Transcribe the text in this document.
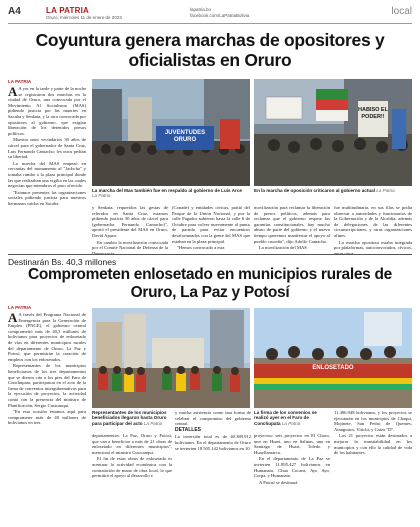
A4	LA PATRIA
Oruro, miércoles 11 de enero de 2023
lapatria.bo
facebook.com/LaPatriaBolivia	local
Coyuntura genera marchas de opositores y oficialistas en Oruro
LA PATRIA

A A yer en la tarde y parte de la noche se registraron dos marchas en la ciudad de Oruro, una convocada por el Movimiento Al Socialismo (MAS) pidiendo justicia por las muertes en Sacaba y Senkata, y la otra convocada por opositores al gobierno, que exigían liberación de los detenidos presos políticos.

Muestra unos vecindarios 30 años de cárcel para el gobernador de Santa Cruz, Luis Fernando Camacho; les otros pedían su libertad.

La marcha del MAS empezó en cercanías del monumento al "Jachcha" y tomaba rumbo a la plaza principal donde las que realizaban una vigilia en las cuales negocian que miembros el paro ofrecido.

"Estamos presentes las organizaciones sociales pidiendo justicia para nuestros hermanos caídos en Sacaba

JUVENTUDES ORURO
La marcha del Mas también fue en respaldo al gobierno de Luis Arce La Patria
HABISO EL PODER!!
En la marcha de oposición criticaron al gobierno actual La Patria

y Senkata, requeridos las gestas de referidos en Santa Cruz, estamos pidiendo justicia 30 años de cárcel para (gobernador Fernando Camacho)", aportó el presidente del MAS en Oruro, David Apaza.

En cambio la movilización convocada por el Comité Nacional de Defensa de la

(Conade) y entidades cívicas, partió del Parque de la Unión Nacional, y por la calle Pagador subieron hasta la calle 6 de Octubre para volver nuevamente al punto de partida para evitar encuentros desafortunados con la gente del MAS que estaban en la plaza principal.

"Hemos convocado a esta

movilización para reclamar la liberación de presos políticos, además para reclamar que el gobierno respete las garantías constitucionales, hay mucho abuso de parte del gobierno y el nuevo tiempo queremos manifestar el apoyo al pueblo cruceño", dijo Adolfo Camacho.

La movilización del MAS

fue multitudinaria, en sus filas se podía observar a autoridades y funcionarios de la Gobernación y de la Alcaldía, además de delegaciones de las diferentes circunscripciones, y otras organizaciones afines.

La marcha opositora estaba integrada por plataformas, autoconvocados, cívicos,

Destinarán Bs. 40,3 millones
Comprometen enlosetado en municipios rurales de Oruro, La Paz y Potosí
LA PATRIA

A A través del Programa Nacional de Emergencia para la Generación de Empleo (PNGE), el gobierno central comprometió más de 40,3 millones de bolivianos para proyectos de enlosetado de vías en diferentes municipios rurales del departamento de Oruro, La Paz y Potosí, que permitirán la creación de empleos con los enlosetados.

Representantes de los municipios beneficiarios de los tres departamentos que se dieron cita a los pies del Faro de Conchupata, participaron en el acto de la firma de convenios intergubernativos para la ejecución de proyectos, la actividad contó con la presencia del ministro de Planificación, Sergio Cusicanqui.

"En esta ocasión estamos aquí para comprometer más de 40 millones de bolivianos en tres

Representantes de los municipios beneficiados llegaron hasta Oruro para participar del acto La Patria

departamentos: La Paz, Oruro y Potosí, que van a beneficiar a más de 21 obras de enlosetado en diferentes municipios", mencionó el ministro Cusicanqui.

El fin de estas obras de enlosetado es acentuar la actividad económica con la contratación de mano de obra local, lo que permitirá el apoyo al desarrollo e

y mucha asistencia como una forma de celebrar el compromiso del gobierno central.

DETALLES

La inversión total es de 40.389.912 bolivianos. En el departamento de Oruro se invierten 18.505.142 bolivianos en 10

ENLOSETADO
La firma de los convenios se realizó ayer en el Faro de Conchupata La Patria

proyectos: seis proyectos en El Choro, uno en Huari, uno en Salinas, uno en Santiago de Huari, Toledo y Huayllamarca.

En el departamento de La Paz se invierten 11.895.427 bolivianos en Humanata, Chua Cocani, Ayo Ayo, Corpa, y Humanata.

A Potosí se destinará

11.496.948 bolivianos, y los proyectos se ejecutarán en los municipios de Chaqui, Mojinete, San Pedro de Quemes, Atanguitos, Vitichi, y Caiza "D".

Los 21 proyectos están destinados a mejorar la transitabilidad en los municipios y con ello la calidad de vida de los habitantes.
